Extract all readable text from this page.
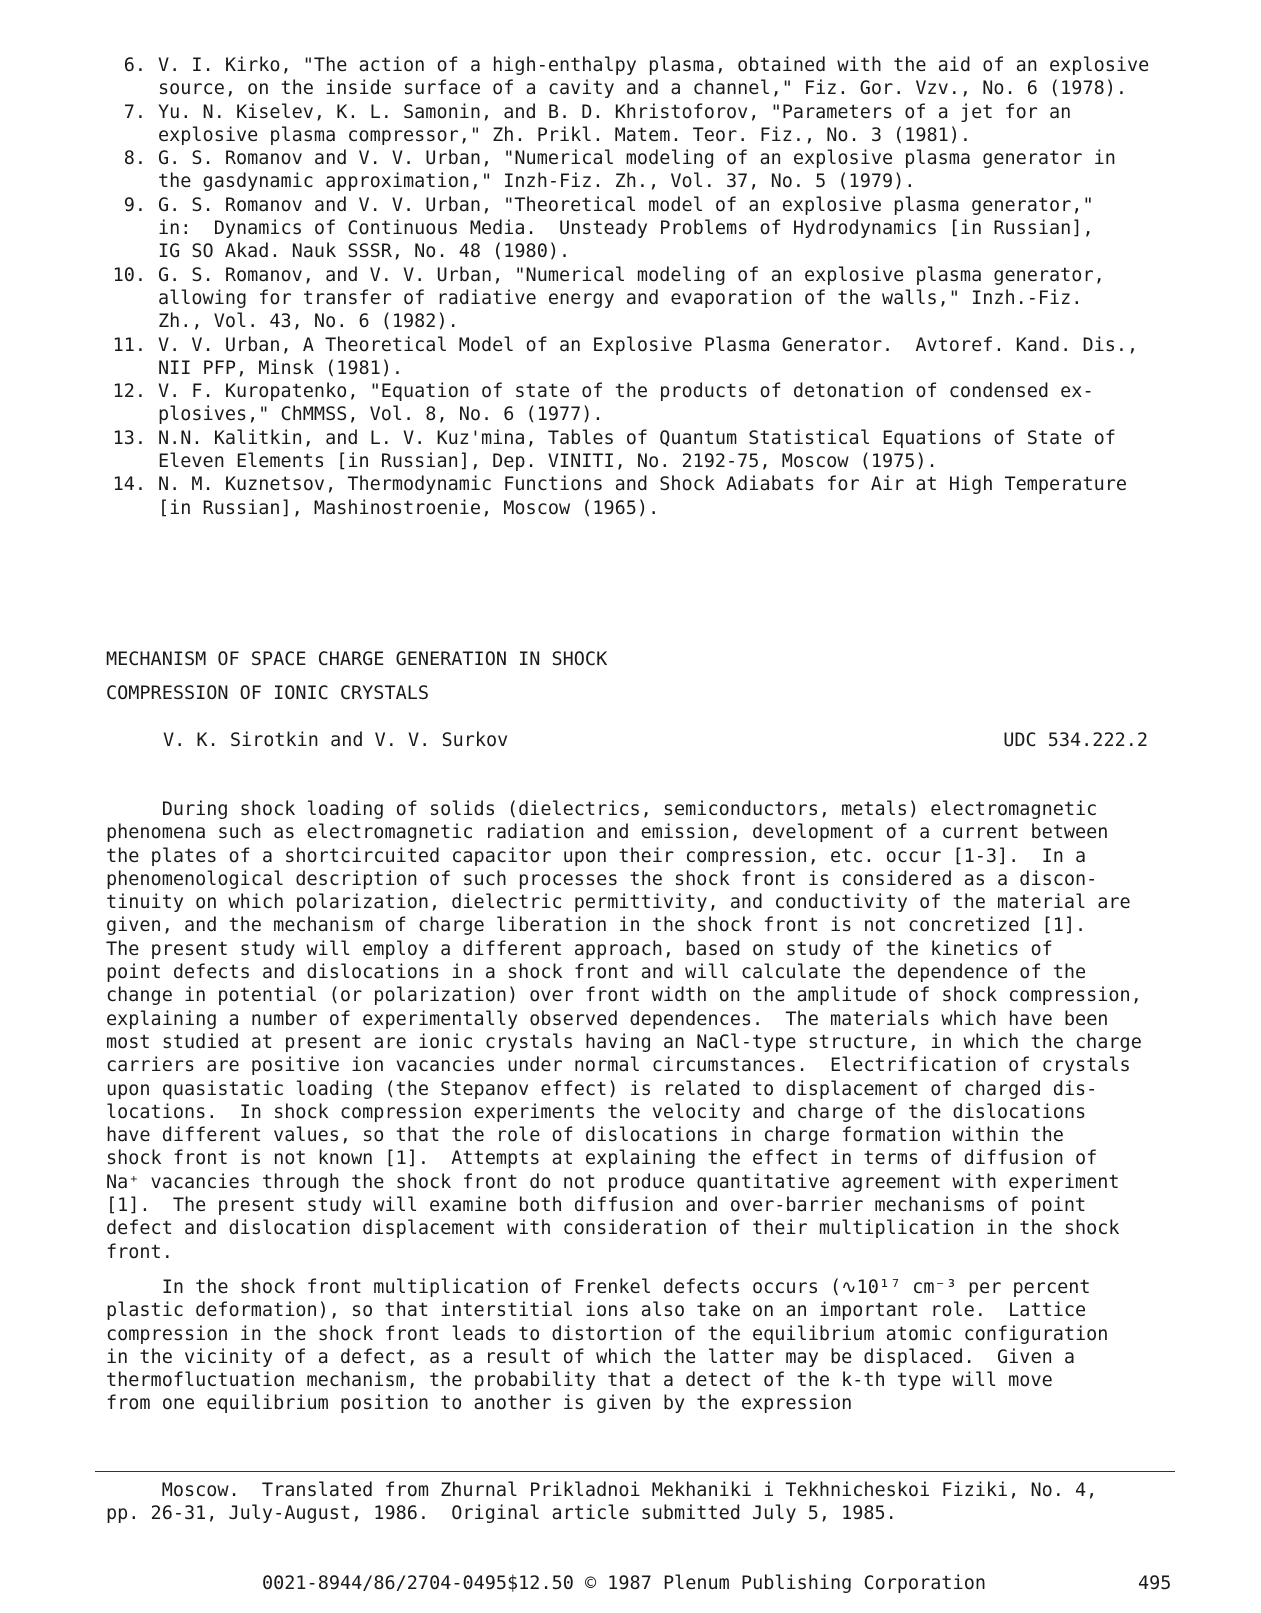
6. V. I. Kirko, "The action of a high-enthalpy plasma, obtained with the aid of an explosive
source, on the inside surface of a cavity and a channel," Fiz. Gor. Vzv., No. 6 (1978).
7. Yu. N. Kiselev, K. L. Samonin, and B. D. Khristoforov, "Parameters of a jet for an
explosive plasma compressor," Zh. Prikl. Matem. Teor. Fiz., No. 3 (1981).
8. G. S. Romanov and V. V. Urban, "Numerical modeling of an explosive plasma generator in
the gasdynamic approximation," Inzh-Fiz. Zh., Vol. 37, No. 5 (1979).
9. G. S. Romanov and V. V. Urban, "Theoretical model of an explosive plasma generator,"
in:  Dynamics of Continuous Media.  Unsteady Problems of Hydrodynamics [in Russian],
IG SO Akad. Nauk SSSR, No. 48 (1980).
10. G. S. Romanov, and V. V. Urban, "Numerical modeling of an explosive plasma generator,
allowing for transfer of radiative energy and evaporation of the walls," Inzh.-Fiz.
Zh., Vol. 43, No. 6 (1982).
11. V. V. Urban, A Theoretical Model of an Explosive Plasma Generator.  Avtoref. Kand. Dis.,
NII PFP, Minsk (1981).
12. V. F. Kuropatenko, "Equation of state of the products of detonation of condensed ex-
plosives," ChMMSS, Vol. 8, No. 6 (1977).
13. N.N. Kalitkin, and L. V. Kuz'mina, Tables of Quantum Statistical Equations of State of
Eleven Elements [in Russian], Dep. VINITI, No. 2192-75, Moscow (1975).
14. N. M. Kuznetsov, Thermodynamic Functions and Shock Adiabats for Air at High Temperature
[in Russian], Mashinostroenie, Moscow (1965).
MECHANISM OF SPACE CHARGE GENERATION IN SHOCK
COMPRESSION OF IONIC CRYSTALS
V. K. Sirotkin and V. V. Surkov	UDC 534.222.2
During shock loading of solids (dielectrics, semiconductors, metals) electromagnetic
phenomena such as electromagnetic radiation and emission, development of a current between
the plates of a shortcircuited capacitor upon their compression, etc. occur [1-3].  In a
phenomenological description of such processes the shock front is considered as a discon-
tinuity on which polarization, dielectric permittivity, and conductivity of the material are
given, and the mechanism of charge liberation in the shock front is not concretized [1].
The present study will employ a different approach, based on study of the kinetics of
point defects and dislocations in a shock front and will calculate the dependence of the
change in potential (or polarization) over front width on the amplitude of shock compression,
explaining a number of experimentally observed dependences.  The materials which have been
most studied at present are ionic crystals having an NaCl-type structure, in which the charge
carriers are positive ion vacancies under normal circumstances.  Electrification of crystals
upon quasistatic loading (the Stepanov effect) is related to displacement of charged dis-
locations.  In shock compression experiments the velocity and charge of the dislocations
have different values, so that the role of dislocations in charge formation within the
shock front is not known [1].  Attempts at explaining the effect in terms of diffusion of
Na⁺ vacancies through the shock front do not produce quantitative agreement with experiment
[1].  The present study will examine both diffusion and over-barrier mechanisms of point
defect and dislocation displacement with consideration of their multiplication in the shock
front.
In the shock front multiplication of Frenkel defects occurs (∿10¹⁷ cm⁻³ per percent
plastic deformation), so that interstitial ions also take on an important role.  Lattice
compression in the shock front leads to distortion of the equilibrium atomic configuration
in the vicinity of a defect, as a result of which the latter may be displaced.  Given a
thermofluctuation mechanism, the probability that a detect of the k-th type will move
from one equilibrium position to another is given by the expression
Moscow.  Translated from Zhurnal Prikladnoi Mekhaniki i Tekhnicheskoi Fiziki, No. 4,
pp. 26-31, July-August, 1986.  Original article submitted July 5, 1985.
0021-8944/86/2704-0495$12.50 © 1987 Plenum Publishing Corporation	495
